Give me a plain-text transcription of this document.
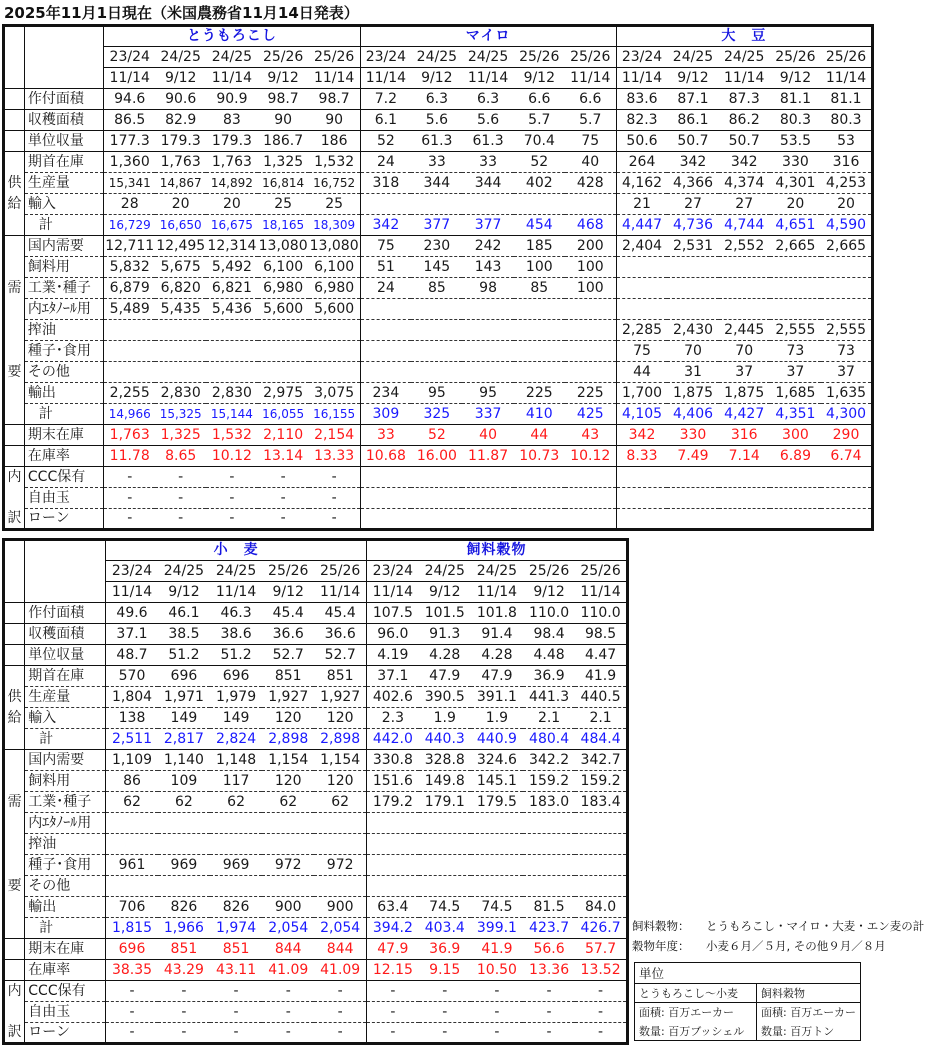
2025年11月1日現在（米国農務省11月14日発表）
		とうもろこし					マイロ					大　豆				
		23/24	24/25	24/25	25/26	25/26	23/24	24/25	24/25	25/26	25/26	23/24	24/25	24/25	25/26	25/26
		11/14	9/12	11/14	9/12	11/14	11/14	9/12	11/14	9/12	11/14	11/14	9/12	11/14	9/12	11/14
	作付面積	94.6	90.6	90.9	98.7	98.7	7.2	6.3	6.3	6.6	6.6	83.6	87.1	87.3	81.1	81.1
	収穫面積	86.5	82.9	83	90	90	6.1	5.6	5.6	5.7	5.7	82.3	86.1	86.2	80.3	80.3
	単位収量	177.3	179.3	179.3	186.7	186	52	61.3	61.3	70.4	75	50.6	50.7	50.7	53.5	53
	期首在庫	1,360	1,763	1,763	1,325	1,532	24	33	33	52	40	264	342	342	330	316
供	生産量	15,341	14,867	14,892	16,814	16,752	318	344	344	402	428	4,162	4,366	4,374	4,301	4,253
給	輸入	28	20	20	25	25						21	27	27	20	20
	計	16,729	16,650	16,675	18,165	18,309	342	377	377	454	468	4,447	4,736	4,744	4,651	4,590
	国内需要	12,711	12,495	12,314	13,080	13,080	75	230	242	185	200	2,404	2,531	2,552	2,665	2,665
	飼料用	5,832	5,675	5,492	6,100	6,100	51	145	143	100	100					
需	工業･種子	6,879	6,820	6,821	6,980	6,980	24	85	98	85	100					
	内ｴﾀﾉｰﾙ用	5,489	5,435	5,436	5,600	5,600										
	搾油											2,285	2,430	2,445	2,555	2,555
	種子･食用											75	70	70	73	73
要	その他											44	31	37	37	37
	輸出	2,255	2,830	2,830	2,975	3,075	234	95	95	225	225	1,700	1,875	1,875	1,685	1,635
	計	14,966	15,325	15,144	16,055	16,155	309	325	337	410	425	4,105	4,406	4,427	4,351	4,300
	期末在庫	1,763	1,325	1,532	2,110	2,154	33	52	40	44	43	342	330	316	300	290
	在庫率	11.78	8.65	10.12	13.14	13.33	10.68	16.00	11.87	10.73	10.12	8.33	7.49	7.14	6.89	6.74
内	CCC保有	-	-	-	-	-										
	自由玉	-	-	-	-	-										
訳	ローン	-	-	-	-	-										
		小　麦					飼料穀物				
		23/24	24/25	24/25	25/26	25/26	23/24	24/25	24/25	25/26	25/26
		11/14	9/12	11/14	9/12	11/14	11/14	9/12	11/14	9/12	11/14
	作付面積	49.6	46.1	46.3	45.4	45.4	107.5	101.5	101.8	110.0	110.0
	収穫面積	37.1	38.5	38.6	36.6	36.6	96.0	91.3	91.4	98.4	98.5
	単位収量	48.7	51.2	51.2	52.7	52.7	4.19	4.28	4.28	4.48	4.47
	期首在庫	570	696	696	851	851	37.1	47.9	47.9	36.9	41.9
供	生産量	1,804	1,971	1,979	1,927	1,927	402.6	390.5	391.1	441.3	440.5
給	輸入	138	149	149	120	120	2.3	1.9	1.9	2.1	2.1
	計	2,511	2,817	2,824	2,898	2,898	442.0	440.3	440.9	480.4	484.4
	国内需要	1,109	1,140	1,148	1,154	1,154	330.8	328.8	324.6	342.2	342.7
	飼料用	86	109	117	120	120	151.6	149.8	145.1	159.2	159.2
需	工業･種子	62	62	62	62	62	179.2	179.1	179.5	183.0	183.4
	内ｴﾀﾉｰﾙ用										
	搾油										
	種子･食用	961	969	969	972	972					
要	その他										
	輸出	706	826	826	900	900	63.4	74.5	74.5	81.5	84.0
	計	1,815	1,966	1,974	2,054	2,054	394.2	403.4	399.1	423.7	426.7
	期末在庫	696	851	851	844	844	47.9	36.9	41.9	56.6	57.7
	在庫率	38.35	43.29	43.11	41.09	41.09	12.15	9.15	10.50	13.36	13.52
内	CCC保有	-	-	-	-	-	-	-	-	-	-
	自由玉	-	-	-	-	-	-	-	-	-	-
訳	ローン	-	-	-	-	-	-	-	-	-	-
飼料穀物： とうもろこし・マイロ・大麦・エン麦の計
穀物年度： 小麦６月／５月, その他９月／８月
単位	
とうもろこし～小麦	飼料穀物
面積: 百万エーカー	面積: 百万エーカー
数量: 百万ブッシェル	数量: 百万トン
